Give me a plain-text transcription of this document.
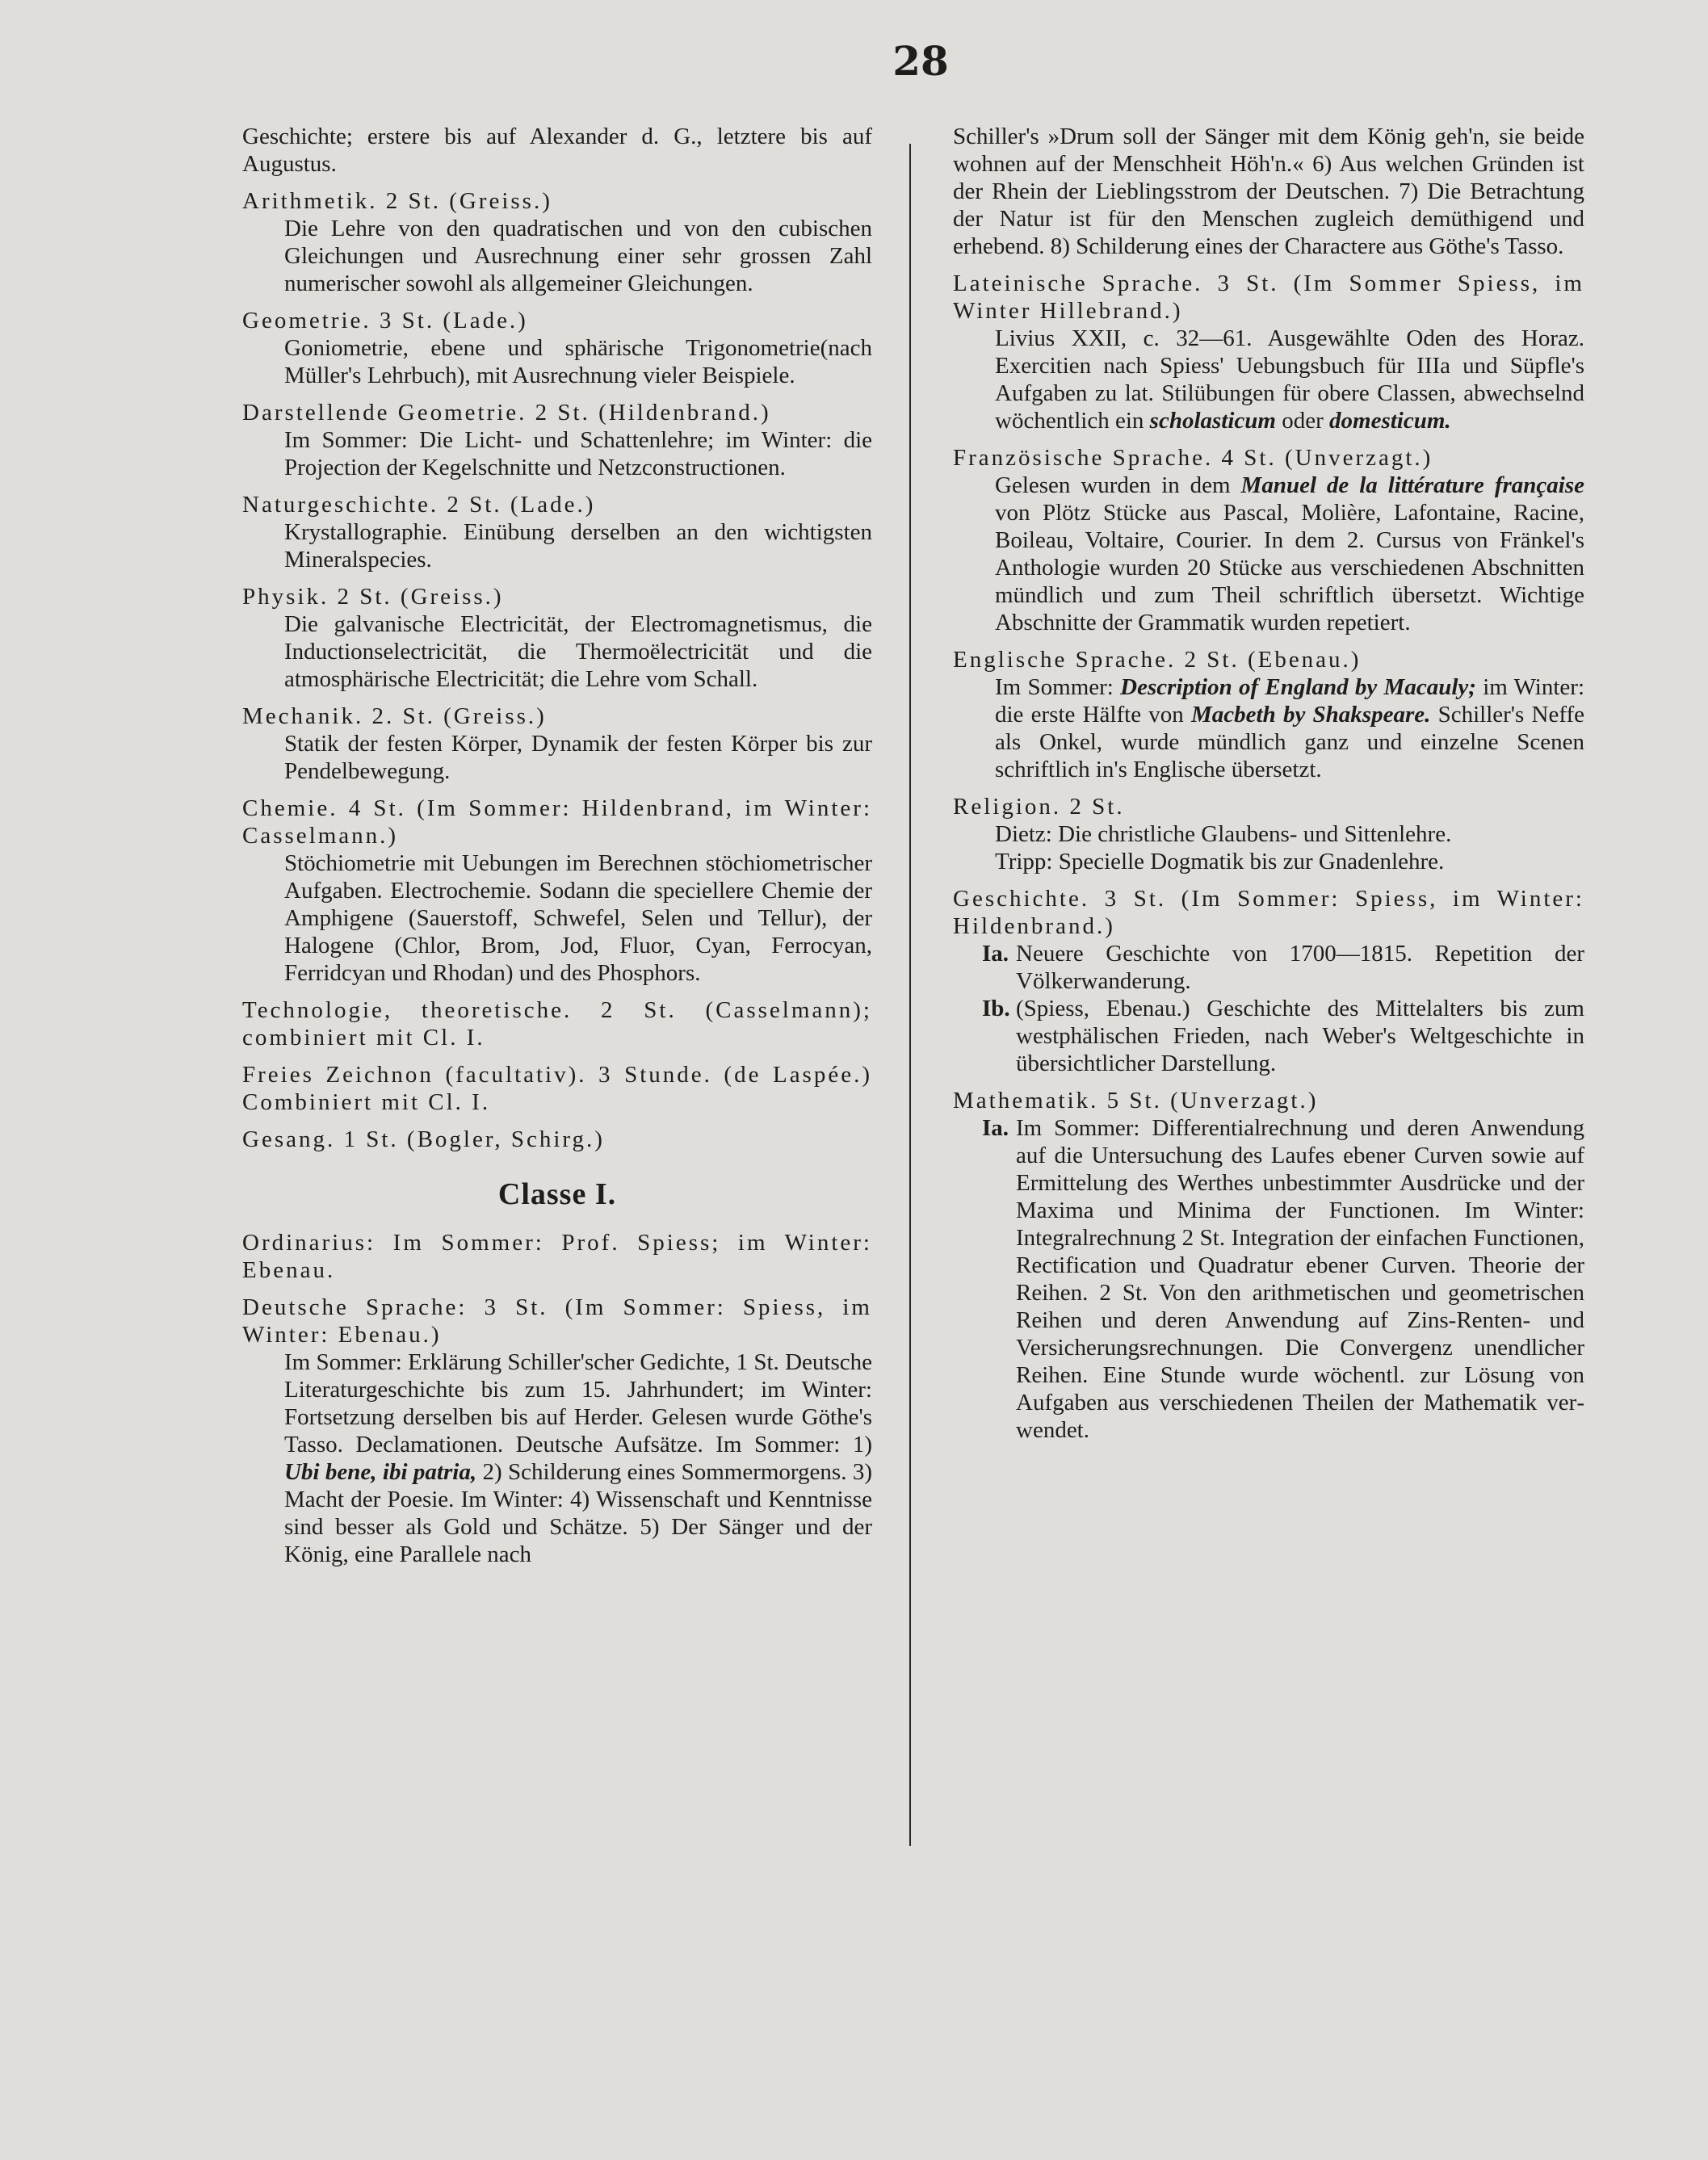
28

Geschichte; erstere bis auf Alexander d. G., letztere bis auf Augustus.

Arithmetik. 2 St. (Greiss.)
Die Lehre von den quadratischen und von den cubischen Gleichungen und Ausrechnung einer sehr grossen Zahl numerischer sowohl als allgemeiner Gleichungen.
Geometrie. 3 St. (Lade.)
Goniometrie, ebene und sphärische Trigonometrie(nach Müller's Lehrbuch), mit Ausrechnung vieler Beispiele.
Darstellende Geometrie. 2 St. (Hildenbrand.)
Im Sommer: Die Licht- und Schattenlehre; im Winter: die Projection der Kegelschnitte und Netzconstructionen.
Naturgeschichte. 2 St. (Lade.)
Krystallographie. Einübung derselben an den wichtigsten Mineralspecies.
Physik. 2 St. (Greiss.)
Die galvanische Electricität, der Electromagnetismus, die Inductionselectricität, die Thermoëlectricität und die atmosphärische Electricität; die Lehre vom Schall.
Mechanik. 2. St. (Greiss.)
Statik der festen Körper, Dynamik der festen Körper bis zur Pendelbewegung.
Chemie. 4 St. (Im Sommer: Hildenbrand, im Winter: Casselmann.)
Stöchiometrie mit Uebungen im Berechnen stöchiometrischer Aufgaben. Electrochemie. Sodann die speciellere Chemie der Amphigene (Sauerstoff, Schwefel, Selen und Tellur), der Halogene (Chlor, Brom, Jod, Fluor, Cyan, Ferrocyan, Ferridcyan und Rhodan) und des Phosphors.
Technologie, theoretische. 2 St. (Casselmann); combiniert mit Cl. I.
Freies Zeichnon (facultativ). 3 Stunde. (de Laspée.) Combiniert mit Cl. I.
Gesang. 1 St. (Bogler, Schirg.)
Classe I.
Ordinarius: Im Sommer: Prof. Spiess; im Winter: Ebenau.
Deutsche Sprache: 3 St. (Im Sommer: Spiess, im Winter: Ebenau.)
Im Sommer: Erklärung Schiller'scher Gedichte, 1 St. Deutsche Literaturgeschichte bis zum 15. Jahrhundert; im Winter: Fortsetzung derselben bis auf Herder. Gelesen wurde Göthe's Tasso. Declamationen. Deutsche Aufsätze. Im Sommer: 1) Ubi bene, ibi patria, 2) Schilderung eines Sommermorgens. 3) Macht der Poesie. Im Winter: 4) Wissenschaft und Kenntnisse sind besser als Gold und Schätze. 5) Der Sänger und der König, eine Parallele nach

Schiller's »Drum soll der Sänger mit dem König geh'n, sie beide wohnen auf der Menschheit Höh'n.« 6) Aus welchen Gründen ist der Rhein der Lieblingsstrom der Deutschen. 7) Die Betrachtung der Natur ist für den Menschen zugleich demüthigend und erhebend. 8) Schilderung eines der Charactere aus Göthe's Tasso.

Lateinische Sprache. 3 St. (Im Sommer Spiess, im Winter Hillebrand.)
Livius XXII, c. 32—61. Ausgewählte Oden des Horaz. Exercitien nach Spiess' Uebungsbuch für IIIa und Süpfle's Aufgaben zu lat. Stilübungen für obere Classen, abwechselnd wöchentlich ein scholasticum oder domesticum.
Französische Sprache. 4 St. (Unverzagt.)
Gelesen wurden in dem Manuel de la littérature française von Plötz Stücke aus Pascal, Molière, Lafontaine, Racine, Boileau, Voltaire, Courier. In dem 2. Cursus von Fränkel's Anthologie wurden 20 Stücke aus verschiedenen Abschnitten mündlich und zum Theil schriftlich übersetzt. Wichtige Abschnitte der Grammatik wurden repetiert.
Englische Sprache. 2 St. (Ebenau.)
Im Sommer: Description of England by Macauly; im Winter: die erste Hälfte von Macbeth by Shakspeare. Schiller's Neffe als Onkel, wurde mündlich ganz und einzelne Scenen schriftlich in's Englische übersetzt.
Religion. 2 St.
Dietz: Die christliche Glaubens- und Sittenlehre.
Tripp: Specielle Dogmatik bis zur Gnadenlehre.
Geschichte. 3 St. (Im Sommer: Spiess, im Winter: Hildenbrand.)
Ia. Neuere Geschichte von 1700—1815. Repetition der Völkerwanderung.
Ib. (Spiess, Ebenau.) Geschichte des Mittelalters bis zum westphälischen Frieden, nach Weber's Weltgeschichte in übersichtlicher Darstellung.
Mathematik. 5 St. (Unverzagt.)
Ia. Im Sommer: Differentialrechnung und deren Anwendung auf die Untersuchung des Laufes ebener Curven sowie auf Ermittelung des Werthes unbestimmter Ausdrücke und der Maxima und Minima der Functionen. Im Winter: Integralrechnung 2 St. Integration der einfachen Functionen, Rectification und Quadratur ebener Curven. Theorie der Reihen. 2 St. Von den arithmetischen und geometrischen Reihen und deren Anwendung auf Zins-Renten- und Versicherungsrechnungen. Die Convergenz unendlicher Reihen. Eine Stunde wurde wöchentl. zur Lösung von Aufgaben aus verschiedenen Theilen der Mathematik verwendet.
